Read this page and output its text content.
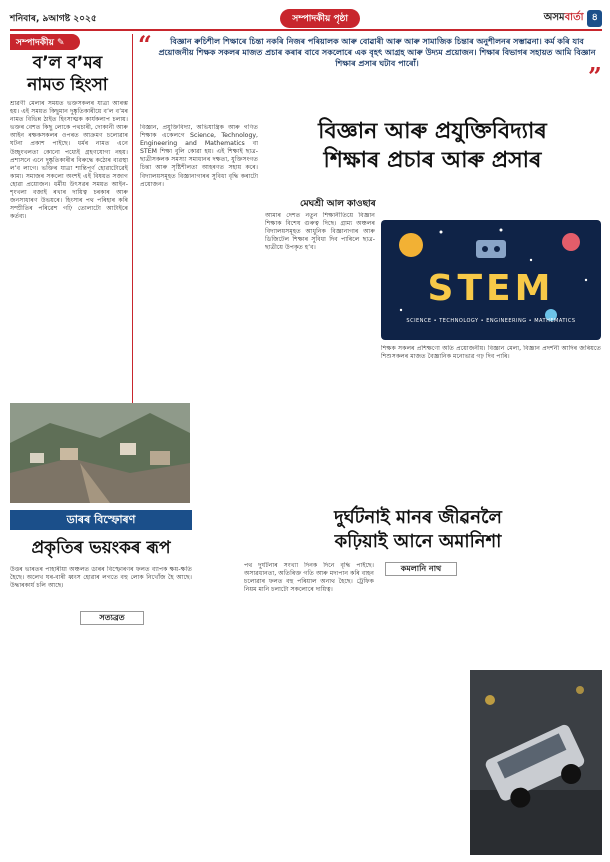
শনিবাৰ, ৯আগষ্ট ২০২৫	সম্পাদকীয় পৃষ্ঠা	অসমবাৰ্তা ৪
সম্পাদকীয় ✎
ব’ল ব’মৰ
নামত হিংসা
শ্রাৱণী মেলাৰ সময়ত ভক্তসকলৰ যাত্ৰা আৰম্ভ হয়। এই সময়ত কিছুমান দুষ্কৃতিকাৰীয়ে ব’ল ব’মৰ নামত বিভিন্ন ঠাইত হিংসাত্মক কাৰ্যকলাপ চলায়। ভক্তৰ বেশত কিছু লোকে পথচাৰী, দোকানী আৰু আইন ৰক্ষকসকলৰ ওপৰত আক্ৰমণ চলোৱাৰ ঘটনা প্ৰকাশ পাইছে। ধৰ্মৰ নামত এনে উচ্ছৃংখলতা কোনো পধ্যেই গ্ৰহণযোগ্য নহয়। প্ৰশাসনে এনে দুষ্কৃতিকাৰীৰ বিৰুদ্ধে কঠোৰ ব্যৱস্থা ল’ব লাগে। ভক্তিৰ যাত্ৰা শান্তিপূৰ্ণ হোৱাটোৱেই কাম্য। সমাজৰ সকলো অংশই এই বিষয়ত সজাগ হোৱা প্ৰয়োজন। ধৰ্মীয় উৎসৱৰ সময়ত আইন-শৃংখলা বজাই ৰখাৰ দায়িত্ব চৰকাৰ আৰু জনসাধাৰণ উভয়ৰে। হিংসাৰ পথ পৰিহাৰ কৰি সম্প্ৰীতিৰ পৰিৱেশ গঢ়ি তোলাটো আটাইৰে কৰ্তব্য।
“	বিজ্ঞান ৰুচিশীল শিক্ষাৰে চিন্তা নকৰি নিজৰ পৰিয়ালক আৰু বোৱাৰী আৰু আৰু সামাজিক চিন্তাৰ অনুশীলনৰ সম্ভাৱনা। কৰ্ম কৰি যাব প্ৰয়োজনীয় শিক্ষক সকলৰ মাজত প্ৰচাৰ কৰাৰ বাবে সকলোৰে এক বৃহৎ আগ্ৰহ আৰু উদ্যম প্ৰয়োজন। শিক্ষাৰ বিভাগৰ সহায়ত আমি বিজ্ঞান শিক্ষাৰ প্ৰসাৰ ঘটাব পাৰোঁ।	”
বিজ্ঞান, প্ৰযুক্তিবিদ্যা, অভিযান্ত্ৰিক আৰু গণিত শিক্ষাক একেলগে Science, Technology, Engineering and Mathematics বা STEM শিক্ষা বুলি কোৱা হয়। এই শিক্ষাই ছাত্ৰ-ছাত্ৰীসকলক সমস্যা সমাধানৰ দক্ষতা, যুক্তিসংগত চিন্তা আৰু সৃষ্টিশীলতা আহৰণত সহায় কৰে। বিদ্যালয়সমূহত বিজ্ঞানাগাৰৰ সুবিধা বৃদ্ধি কৰাটো প্ৰয়োজন।
বিজ্ঞান আৰু প্ৰযুক্তিবিদ্যাৰ
শিক্ষাৰ প্ৰচাৰ আৰু প্ৰসাৰ
মেঘশ্ৰী আল কাওছাৰ
আমাৰ দেশত নতুন শিক্ষানীতিয়ে বিজ্ঞান শিক্ষাক বিশেষ গুৰুত্ব দিছে। গ্ৰাম্য অঞ্চলৰ বিদ্যালয়সমূহত আধুনিক বিজ্ঞানাগাৰ আৰু ডিজিটেল শিক্ষাৰ সুবিধা দিব পাৰিলে ছাত্ৰ-ছাত্ৰীয়ে উপকৃত হ’ব।
STEM
SCIENCE • TECHNOLOGY • ENGINEERING • MATHEMATICS
শিক্ষক সকলৰ প্ৰশিক্ষণো অতি প্ৰয়োজনীয়। বিজ্ঞান মেলা, বিজ্ঞান প্ৰদৰ্শনী আদিৰ জৰিয়তে শিশুসকলৰ মাজত বৈজ্ঞানিক মনোভাৱ গঢ় দিব পাৰি।
ডাৰৰ বিস্ফোৰণ
প্ৰকৃতিৰ ভয়ংকৰ ৰূপ
উত্তৰ ভাৰতৰ পাহাৰীয়া অঞ্চলত ডাৰৰ বিস্ফোৰণৰ ফলত ব্যাপক ক্ষয়-ক্ষতি হৈছে। অলেখ ঘৰ-বাৰী ধ্বংস হোৱাৰ লগতে বহু লোক নিখোঁজ হৈ আছে। উদ্ধাৰকাৰ্য চলি আছে।
সত্যব্ৰত
দুৰ্ঘটনাই মানৰ জীৱনলৈ
কঢ়িয়াই আনে অমানিশা
কমলানি নাথ
পথ দুৰ্ঘটনাৰ সংখ্যা দিনক দিনে বৃদ্ধি পাইছে। অসাৱধানতা, অতিৰিক্ত গতি আৰু মদ্যপান কৰি বাহন চলোৱাৰ ফলত বহু পৰিয়াল অনাথ হৈছে। ট্ৰেফিক নিয়ম মানি চলাটো সকলোৰে দায়িত্ব।
